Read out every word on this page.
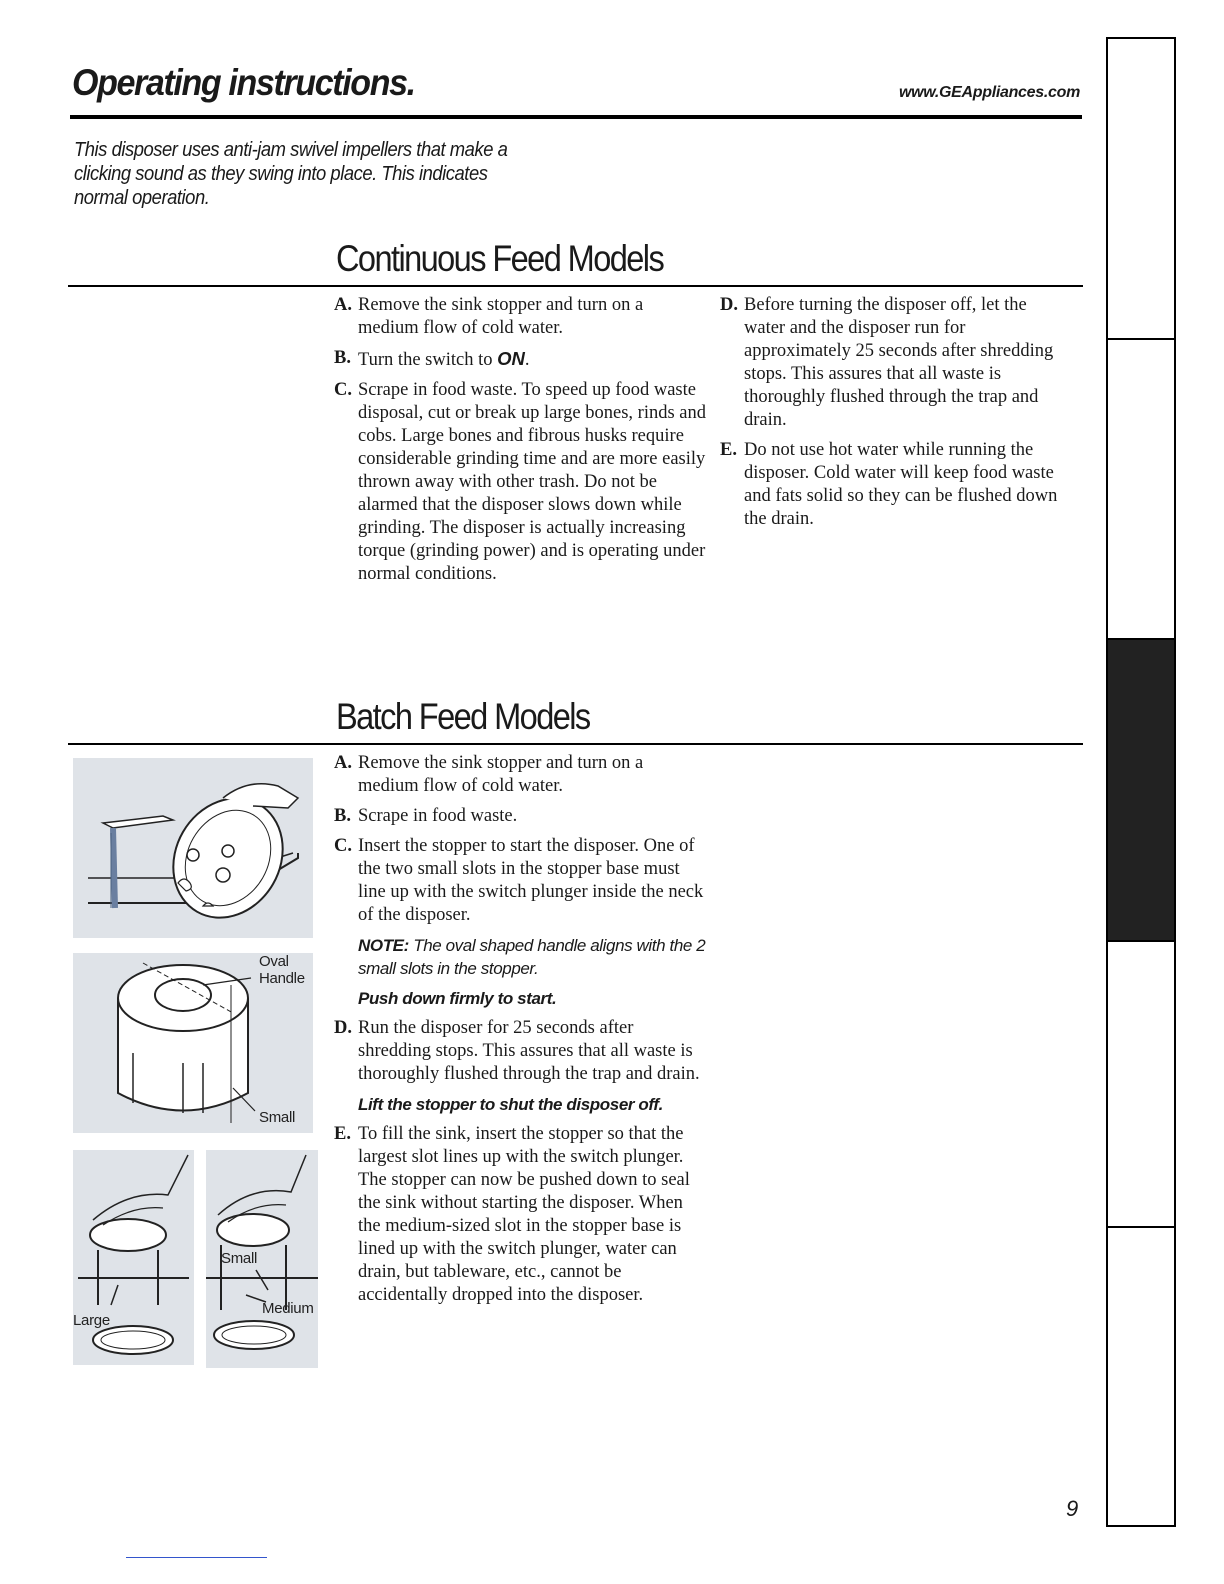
Operating instructions.	www.GEAppliances.com
This disposer uses anti-jam swivel impellers that make a clicking sound as they swing into place. This indicates normal operation.
Continuous Feed Models
A. Remove the sink stopper and turn on a medium flow of cold water.
B. Turn the switch to ON.
C. Scrape in food waste. To speed up food waste disposal, cut or break up large bones, rinds and cobs. Large bones and fibrous husks require considerable grinding time and are more easily thrown away with other trash. Do not be alarmed that the disposer slows down while grinding. The disposer is actually increasing torque (grinding power) and is operating under normal conditions.
D. Before turning the disposer off, let the water and the disposer run for approximately 25 seconds after shredding stops. This assures that all waste is thoroughly flushed through the trap and drain.
E. Do not use hot water while running the disposer. Cold water will keep food waste and fats solid so they can be flushed down the drain.
Batch Feed Models
A. Remove the sink stopper and turn on a medium flow of cold water.
B. Scrape in food waste.
C. Insert the stopper to start the disposer. One of the two small slots in the stopper base must line up with the switch plunger inside the neck of the disposer.
NOTE: The oval shaped handle aligns with the 2 small slots in the stopper.
Push down firmly to start.
D. Run the disposer for 25 seconds after shredding stops. This assures that all waste is thoroughly flushed through the trap and drain.
Lift the stopper to shut the disposer off.
E. To fill the sink, insert the stopper so that the largest slot lines up with the switch plunger. The stopper can now be pushed down to seal the sink without starting the disposer. When the medium-sized slot in the stopper base is lined up with the switch plunger, water can drain, but tableware, etc., cannot be accidentally dropped into the disposer.
Oval
Handle
Small
Large
Small
Medium
9
